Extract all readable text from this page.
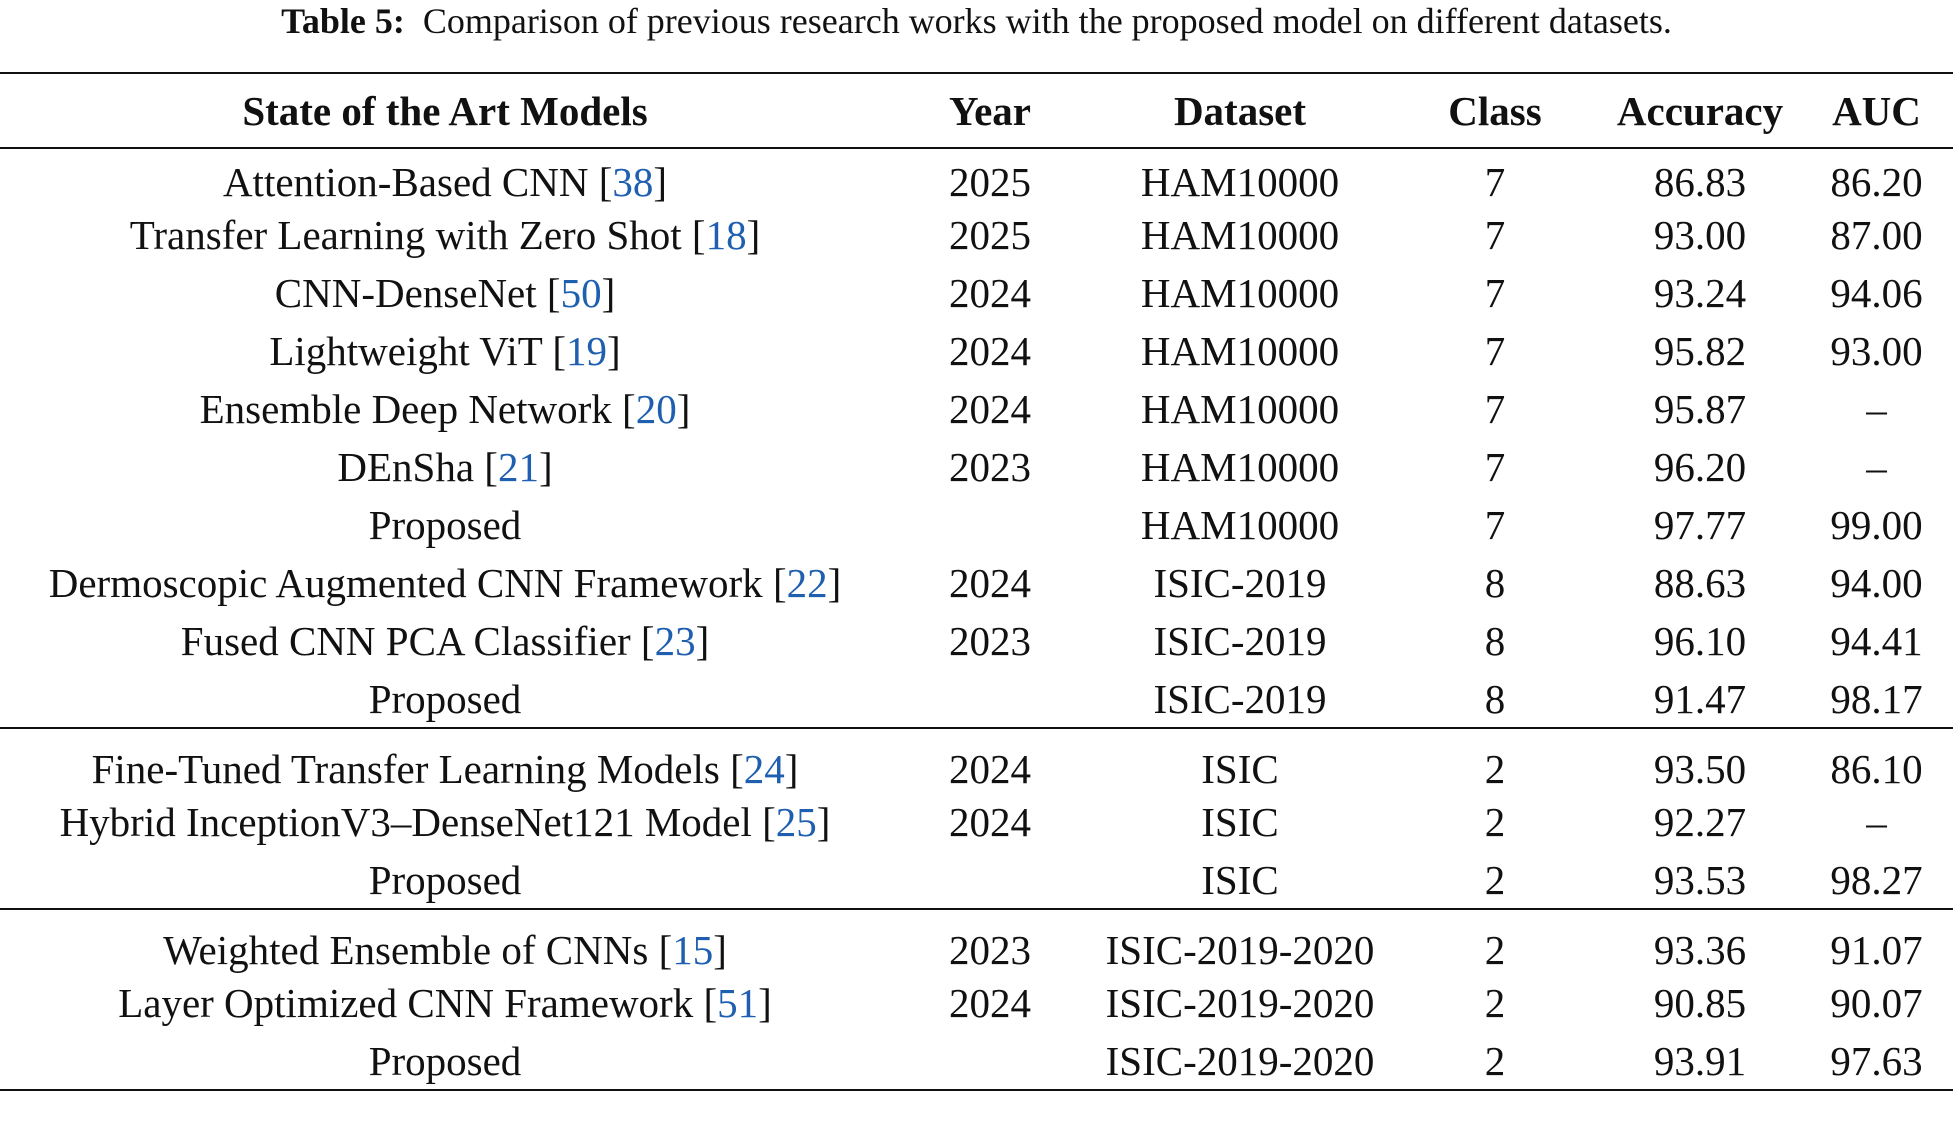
Table 5: Comparison of previous research works with the proposed model on different datasets.
State of the Art Models	Year	Dataset	Class	Accuracy	AUC
Attention-Based CNN [38]	2025	HAM10000	7	86.83	86.20
Transfer Learning with Zero Shot [18]	2025	HAM10000	7	93.00	87.00
CNN-DenseNet [50]	2024	HAM10000	7	93.24	94.06
Lightweight ViT [19]	2024	HAM10000	7	95.82	93.00
Ensemble Deep Network [20]	2024	HAM10000	7	95.87	–
DEnSha [21]	2023	HAM10000	7	96.20	–
Proposed		HAM10000	7	97.77	99.00
Dermoscopic Augmented CNN Framework [22]	2024	ISIC-2019	8	88.63	94.00
Fused CNN PCA Classifier [23]	2023	ISIC-2019	8	96.10	94.41
Proposed		ISIC-2019	8	91.47	98.17
Fine-Tuned Transfer Learning Models [24]	2024	ISIC	2	93.50	86.10
Hybrid InceptionV3–DenseNet121 Model [25]	2024	ISIC	2	92.27	–
Proposed		ISIC	2	93.53	98.27
Weighted Ensemble of CNNs [15]	2023	ISIC-2019-2020	2	93.36	91.07
Layer Optimized CNN Framework [51]	2024	ISIC-2019-2020	2	90.85	90.07
Proposed		ISIC-2019-2020	2	93.91	97.63
